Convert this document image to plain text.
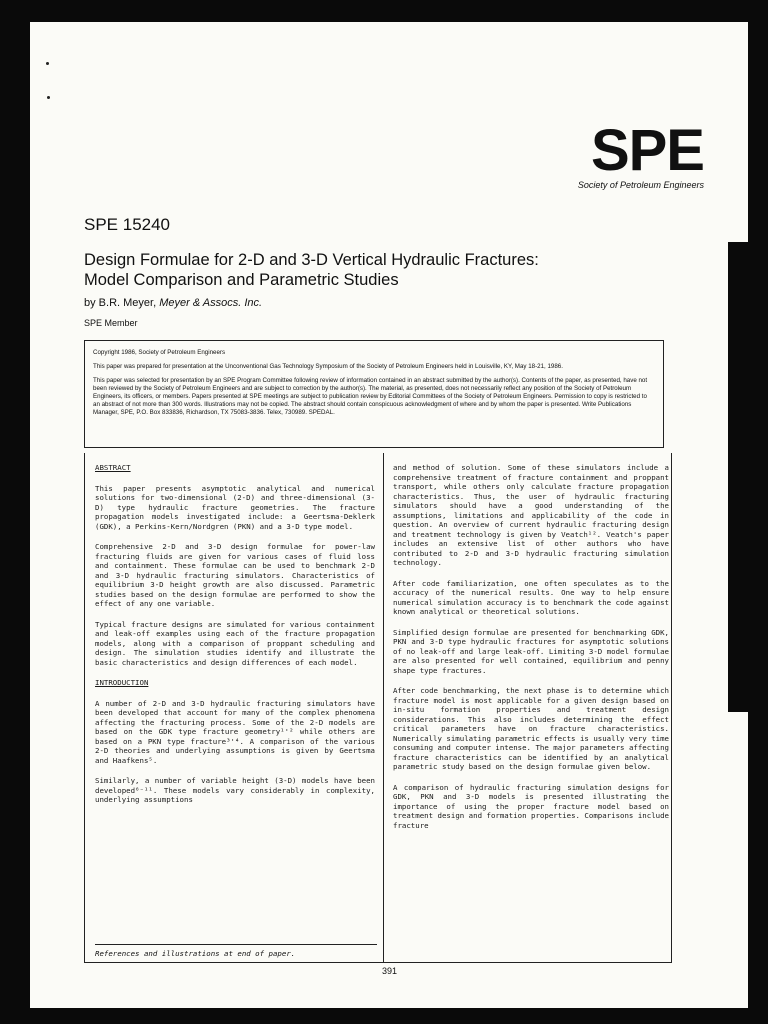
SPE
Society of Petroleum Engineers
SPE 15240
Design Formulae for 2-D and 3-D Vertical Hydraulic Fractures:
Model Comparison and Parametric Studies
by B.R. Meyer, Meyer & Assocs. Inc.
SPE Member

Copyright 1986, Society of Petroleum Engineers

This paper was prepared for presentation at the Unconventional Gas Technology Symposium of the Society of Petroleum Engineers held in Louisville, KY, May 18-21, 1986.

This paper was selected for presentation by an SPE Program Committee following review of information contained in an abstract submitted by the author(s). Contents of the paper, as presented, have not been reviewed by the Society of Petroleum Engineers and are subject to correction by the author(s). The material, as presented, does not necessarily reflect any position of the Society of Petroleum Engineers, its officers, or members. Papers presented at SPE meetings are subject to publication review by Editorial Committees of the Society of Petroleum Engineers. Permission to copy is restricted to an abstract of not more than 300 words. Illustrations may not be copied. The abstract should contain conspicuous acknowledgment of where and by whom the paper is presented. Write Publications Manager, SPE, P.O. Box 833836, Richardson, TX 75083-3836. Telex, 730989. SPEDAL.

ABSTRACT

This paper presents asymptotic analytical and numerical solutions for two-dimensional (2-D) and three-dimensional (3-D) type hydraulic fracture geometries. The fracture propagation models investigated include: a Geertsma-Deklerk (GDK), a Perkins-Kern/Nordgren (PKN) and a 3-D type model.

Comprehensive 2-D and 3-D design formulae for power-law fracturing fluids are given for various cases of fluid loss and containment. These formulae can be used to benchmark 2-D and 3-D hydraulic fracturing simulators. Characteristics of equilibrium 3-D height growth are also discussed. Parametric studies based on the design formulae are performed to show the effect of any one variable.

Typical fracture designs are simulated for various containment and leak-off examples using each of the fracture propagation models, along with a comparison of proppant scheduling and design. The simulation studies identify and illustrate the basic characteristics and design differences of each model.

INTRODUCTION

A number of 2-D and 3-D hydraulic fracturing simulators have been developed that account for many of the complex phenomena affecting the fracturing process. Some of the 2-D models are based on the GDK type fracture geometry¹'² while others are based on a PKN type fracture³'⁴. A comparison of the various 2-D theories and underlying assumptions is given by Geertsma and Haafkens⁵.

Similarly, a number of variable height (3-D) models have been developed⁶⁻¹¹. These models vary considerably in complexity, underlying assumptions

References and illustrations at end of paper.

and method of solution. Some of these simulators include a comprehensive treatment of fracture containment and proppant transport, while others only calculate fracture propagation characteristics. Thus, the user of hydraulic fracturing simulators should have a good understanding of the assumptions, limitations and applicability of the code in question. An overview of current hydraulic fracturing design and treatment technology is given by Veatch¹². Veatch's paper includes an extensive list of other authors who have contributed to 2-D and 3-D hydraulic fracturing simulation technology.

After code familiarization, one often speculates as to the accuracy of the numerical results. One way to help ensure numerical simulation accuracy is to benchmark the code against known analytical or theoretical solutions.

Simplified design formulae are presented for benchmarking GDK, PKN and 3-D type hydraulic fractures for asymptotic solutions of no leak-off and large leak-off. Limiting 3-D model formulae are also presented for well contained, equilibrium and penny shape type fractures.

After code benchmarking, the next phase is to determine which fracture model is most applicable for a given design based on in-situ formation properties and treatment design considerations. This also includes determining the effect critical parameters have on fracture characteristics. Numerically simulating parametric effects is usually very time consuming and computer intense. The major parameters affecting fracture characteristics can be identified by an analytical parametric study based on the design formulae given below.

A comparison of hydraulic fracturing simulation designs for GDK, PKN and 3-D models is presented illustrating the importance of using the proper fracture model based on treatment design and formation properties. Comparisons include fracture

391
